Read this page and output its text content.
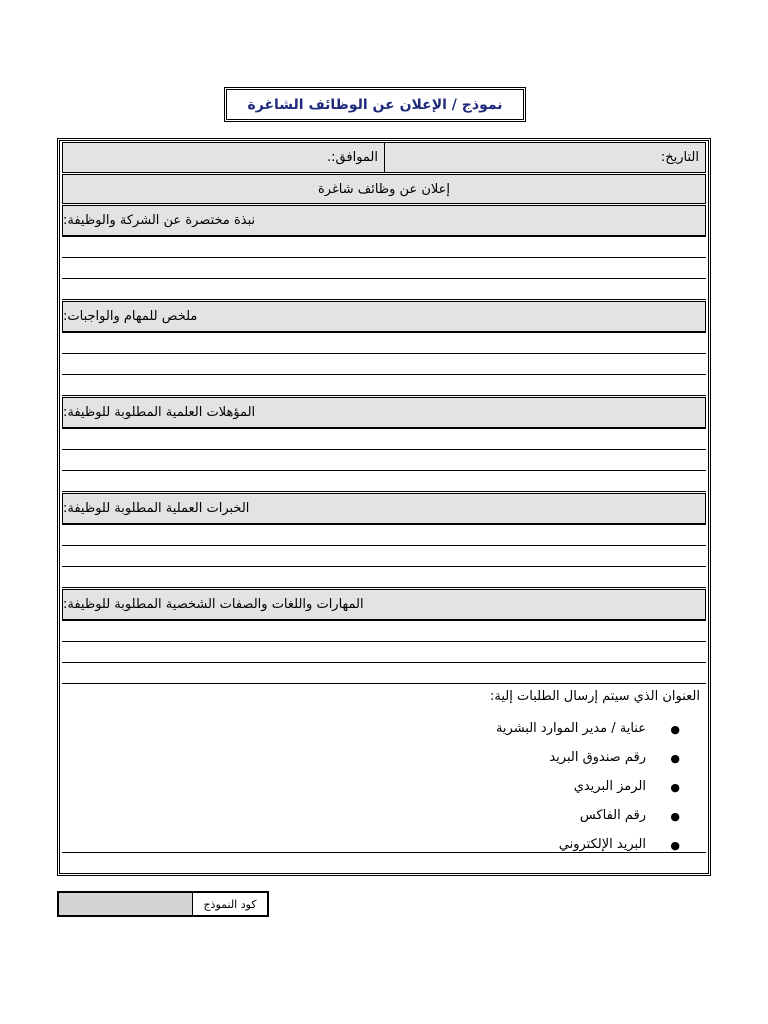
نموذج / الإعلان عن الوظائف الشاغرة
الموافق:.	التاريخ:
إعلان عن وظائف شاغرة
نبذة مختصرة عن الشركة والوظيفة:
ملخص للمهام والواجبات:
المؤهلات العلمية المطلوبة للوظيفة:
الخبرات العملية المطلوبة للوظيفة:
المهارات واللغات والصفات الشخصية المطلوبة للوظيفة:
العنوان الذي سيتم إرسال الطلبات إلية:
●
عناية / مدير الموارد البشرية
●
رقم صندوق البريد
●
الرمز البريدي
●
رقم الفاكس
●
البريد الإلكتروني
كود النموذج
